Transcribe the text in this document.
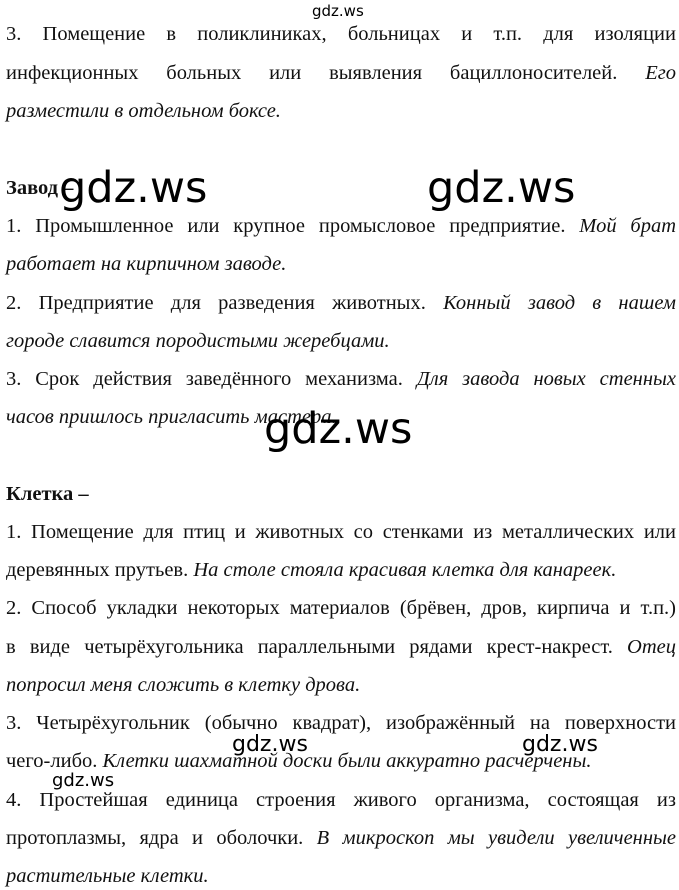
3. Помещение в поликлиниках, больницах и т.п. для изоляции
инфекционных больных или выявления бациллоносителей. Его
разместили в отдельном боксе.
Завод –
1. Промышленное или крупное промысловое предприятие. Мой брат
работает на кирпичном заводе.
2. Предприятие для разведения животных. Конный завод в нашем
городе славится породистыми жеребцами.
3. Срок действия заведённого механизма. Для завода новых стенных
часов пришлось пригласить мастера.
Клетка –
1. Помещение для птиц и животных со стенками из металлических или
деревянных прутьев. На столе стояла красивая клетка для канареек.
2. Способ укладки некоторых материалов (брёвен, дров, кирпича и т.п.)
в виде четырёхугольника параллельными рядами крест-накрест. Отец
попросил меня сложить в клетку дрова.
3. Четырёхугольник (обычно квадрат), изображённый на поверхности
чего-либо. Клетки шахматной доски были аккуратно расчерчены.
4. Простейшая единица строения живого организма, состоящая из
протоплазмы, ядра и оболочки. В микроскоп мы увидели увеличенные
растительные клетки.
gdz.ws
gdz.ws	gdz.ws
gdz.ws
gdz.ws	gdz.ws
gdz.ws
